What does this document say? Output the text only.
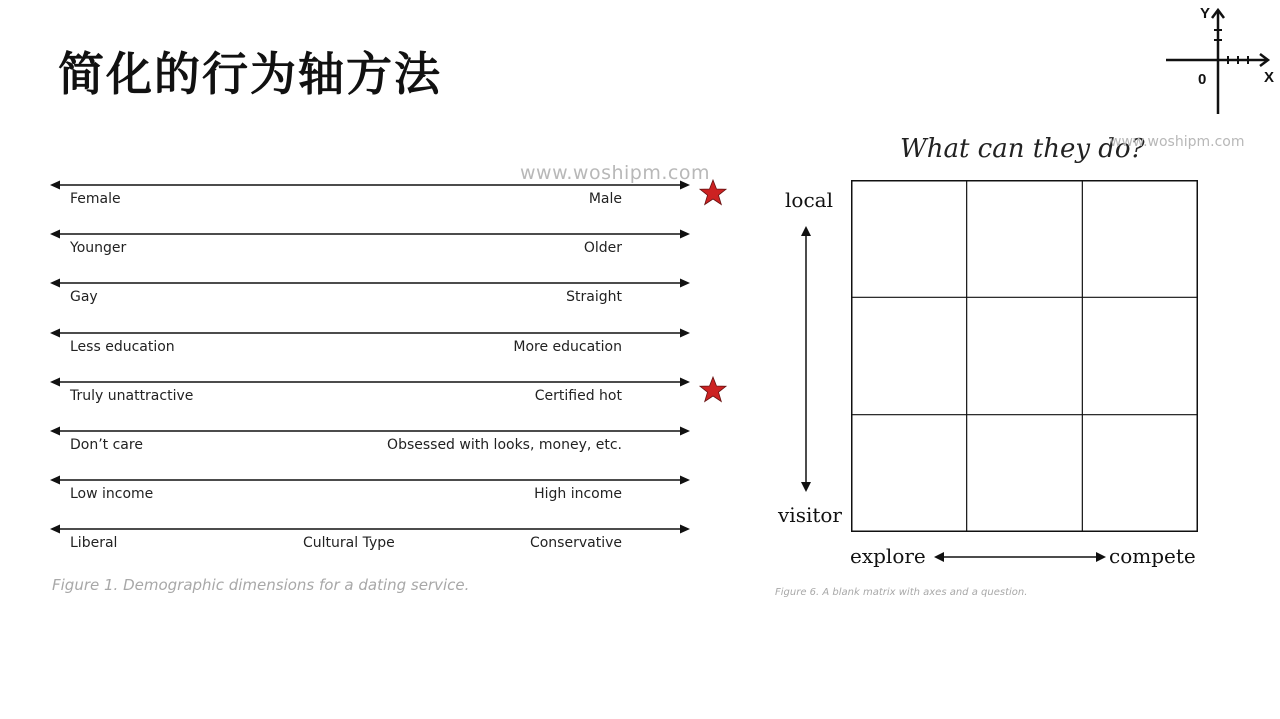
简化的行为轴方法
Y
X
0
www.woshipm.com
Female	Male
Younger	Older
Gay	Straight
Less education	More education
Truly unattractive	Certified hot
Don’t care	Obsessed with looks, money, etc.
Low income	High income
Liberal	Cultural Type	Conservative
Figure 1. Demographic dimensions for a dating service.
What can they do?
www.woshipm.com
local
visitor
explore	compete
Figure 6. A blank matrix with axes and a question.
